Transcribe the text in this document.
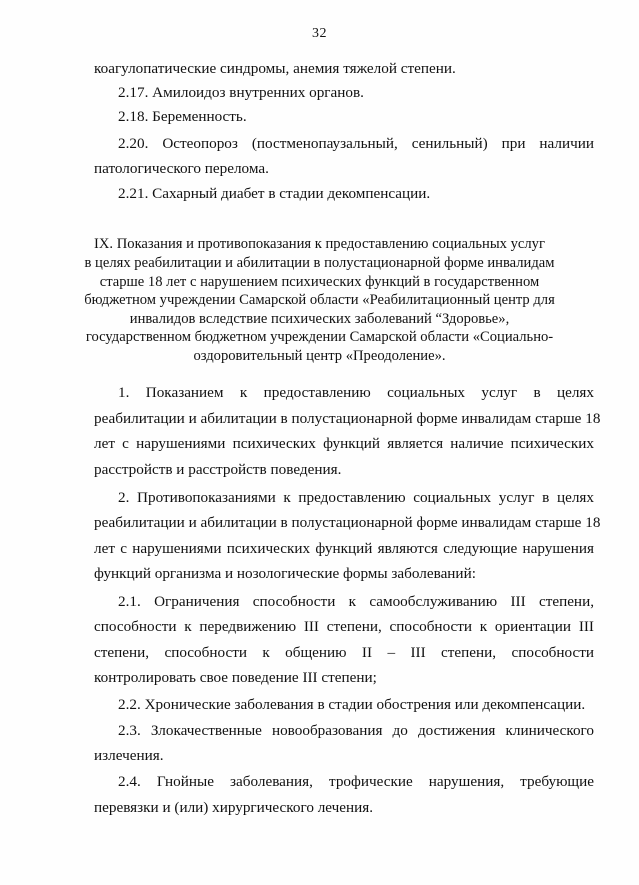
32
коагулопатические синдромы, анемия тяжелой степени.
2.17. Амилоидоз внутренних органов.
2.18. Беременность.
2.20. Остеопороз (постменопаузальный, сенильный) при наличии
патологического перелома.
2.21. Сахарный диабет в стадии декомпенсации.
IX. Показания и противопоказания к предоставлению социальных услуг
в целях реабилитации и абилитации в полустационарной форме инвалидам
старше 18 лет с нарушением психических функций в государственном
бюджетном учреждении Самарской области «Реабилитационный центр для
инвалидов вследствие психических заболеваний “Здоровье»,
государственном бюджетном учреждении Самарской области «Социально-
оздоровительный центр «Преодоление».
1. Показанием к предоставлению социальных услуг в целях
реабилитации и абилитации в полустационарной форме инвалидам старше 18
лет с нарушениями психических функций является наличие психических
расстройств и расстройств поведения.
2. Противопоказаниями к предоставлению социальных услуг в целях
реабилитации и абилитации в полустационарной форме инвалидам старше 18
лет с нарушениями психических функций являются следующие нарушения
функций организма и нозологические формы заболеваний:
2.1. Ограничения способности к самообслуживанию III степени,
способности к передвижению III степени, способности к ориентации III
степени, способности к общению II – III степени, способности
контролировать свое поведение III степени;
2.2. Хронические заболевания в стадии обострения или декомпенсации.
2.3. Злокачественные новообразования до достижения клинического
излечения.
2.4. Гнойные заболевания, трофические нарушения, требующие
перевязки и (или) хирургического лечения.
